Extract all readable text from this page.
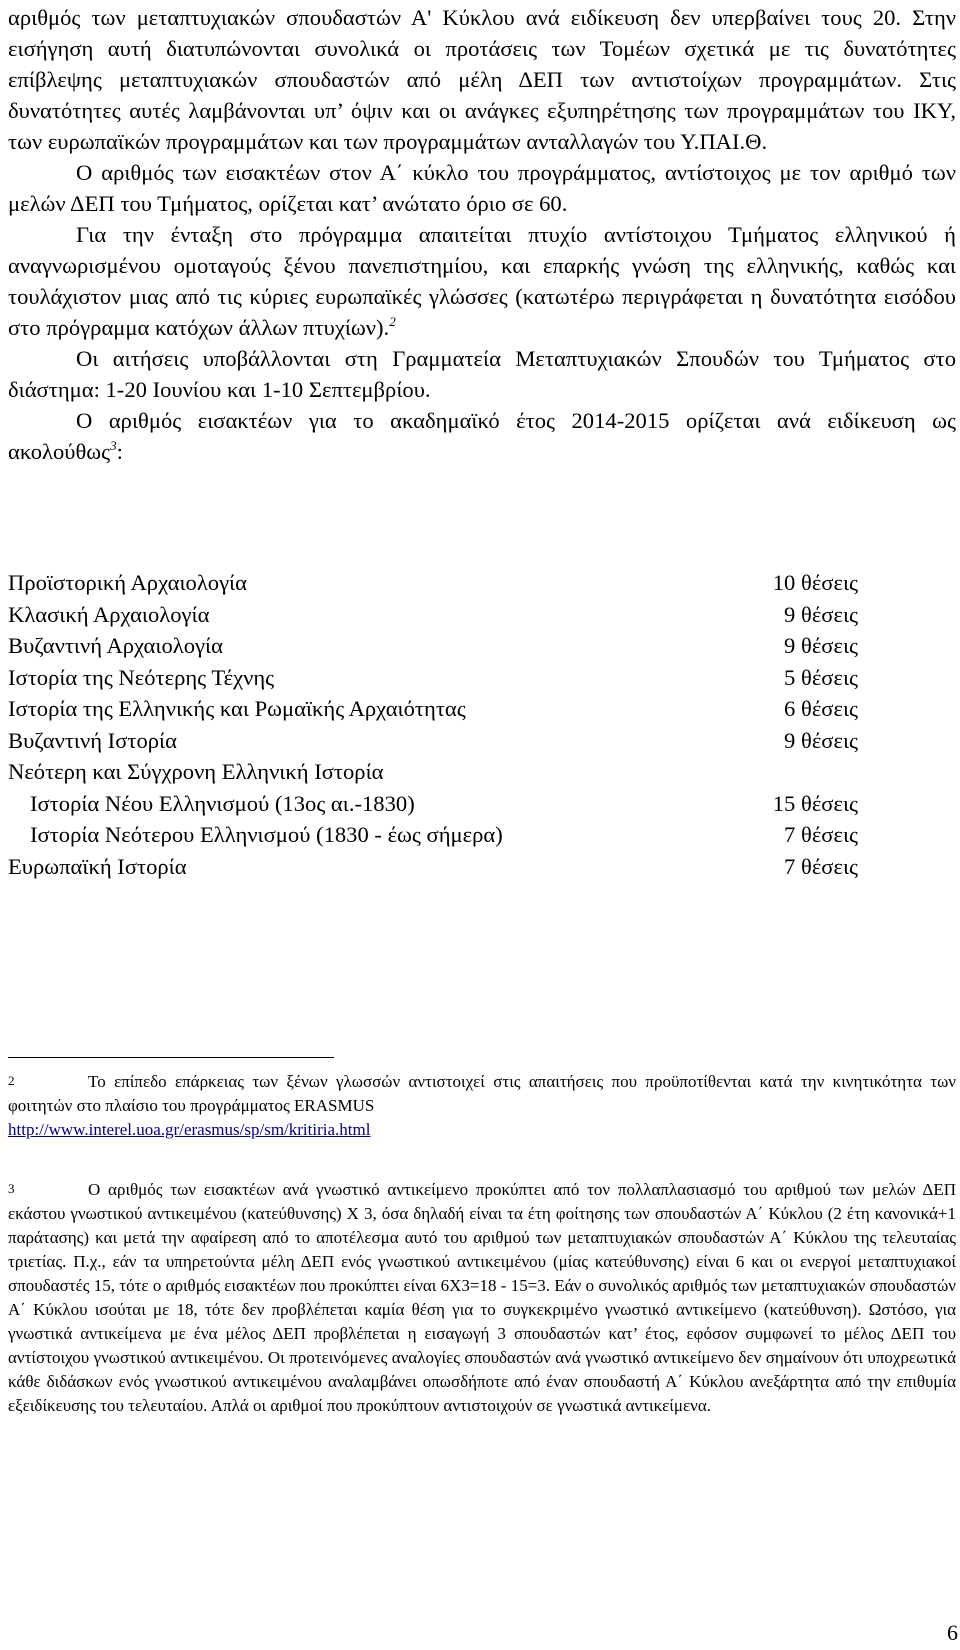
αριθμός των μεταπτυχιακών σπουδαστών Α' Κύκλου ανά ειδίκευση δεν υπερβαίνει τους 20. Στην εισήγηση αυτή διατυπώνονται συνολικά οι προτάσεις των Τομέων σχετικά με τις δυνατότητες επίβλεψης μεταπτυχιακών σπουδαστών από μέλη ΔΕΠ των αντιστοίχων προγραμμάτων. Στις δυνατότητες αυτές λαμβάνονται υπ’ όψιν και οι ανάγκες εξυπηρέτησης των προγραμμάτων του ΙΚΥ, των ευρωπαϊκών προγραμμάτων και των προγραμμάτων ανταλλαγών του Υ.ΠΑΙ.Θ.

Ο αριθμός των εισακτέων στον Α΄ κύκλο του προγράμματος, αντίστοιχος με τον αριθμό των μελών ΔΕΠ του Τμήματος, ορίζεται κατ’ ανώτατο όριο σε 60.

Για την ένταξη στο πρόγραμμα απαιτείται πτυχίο αντίστοιχου Τμήματος ελληνικού ή αναγνωρισμένου ομοταγούς ξένου πανεπιστημίου, και επαρκής γνώση της ελληνικής, καθώς και τουλάχιστον μιας από τις κύριες ευρωπαϊκές γλώσσες (κατωτέρω περιγράφεται η δυνατότητα εισόδου στο πρόγραμμα κατόχων άλλων πτυχίων).$^2$

Οι αιτήσεις υποβάλλονται στη Γραμματεία Μεταπτυχιακών Σπουδών του Τμήματος στο διάστημα: 1-20 Ιουνίου και 1-10 Σεπτεμβρίου.

Ο αριθμός εισακτέων για το ακαδημαϊκό έτος 2014-2015 ορίζεται ανά ειδίκευση ως ακολούθως$^3$:

Προϊστορική Αρχαιολογία	10 θέσεις
Κλασική Αρχαιολογία	9 θέσεις
Βυζαντινή Αρχαιολογία	9 θέσεις
Ιστορία της Νεότερης Τέχνης	5 θέσεις
Ιστορία της Ελληνικής και Ρωμαϊκής Αρχαιότητας	6 θέσεις
Βυζαντινή Ιστορία	9 θέσεις
Νεότερη και Σύγχρονη Ελληνική Ιστορία
Ιστορία Νέου Ελληνισμού (13ος αι.-1830)	15 θέσεις
Ιστορία Νεότερου Ελληνισμού (1830 - έως σήμερα)	7 θέσεις
Ευρωπαϊκή Ιστορία	7 θέσεις

2	Το επίπεδο επάρκειας των ξένων γλωσσών αντιστοιχεί στις απαιτήσεις που προϋποτίθενται κατά την κινητικότητα των φοιτητών στο πλαίσιο του προγράμματος ERASMUS
http://www.interel.uoa.gr/erasmus/sp/sm/kritiria.html

3	Ο αριθμός των εισακτέων ανά γνωστικό αντικείμενο προκύπτει από τον πολλαπλασιασμό του αριθμού των μελών ΔΕΠ εκάστου γνωστικού αντικειμένου (κατεύθυνσης) Χ 3, όσα δηλαδή είναι τα έτη φοίτησης των σπουδαστών Α΄ Κύκλου (2 έτη κανονικά+1 παράτασης) και μετά την αφαίρεση από το αποτέλεσμα αυτό του αριθμού των μεταπτυχιακών σπουδαστών Α΄ Κύκλου της τελευταίας τριετίας. Π.χ., εάν τα υπηρετούντα μέλη ΔΕΠ ενός γνωστικού αντικειμένου (μίας κατεύθυνσης) είναι 6 και οι ενεργοί μεταπτυχιακοί σπουδαστές 15, τότε ο αριθμός εισακτέων που προκύπτει είναι 6Χ3=18 - 15=3. Εάν ο συνολικός αριθμός των μεταπτυχιακών σπουδαστών Α΄ Κύκλου ισούται με 18, τότε δεν προβλέπεται καμία θέση για το συγκεκριμένο γνωστικό αντικείμενο (κατεύθυνση). Ωστόσο, για γνωστικά αντικείμενα με ένα μέλος ΔΕΠ προβλέπεται η εισαγωγή 3 σπουδαστών κατ’ έτος, εφόσον συμφωνεί το μέλος ΔΕΠ του αντίστοιχου γνωστικού αντικειμένου. Οι προτεινόμενες αναλογίες σπουδαστών ανά γνωστικό αντικείμενο δεν σημαίνουν ότι υποχρεωτικά κάθε διδάσκων ενός γνωστικού αντικειμένου αναλαμβάνει οπωσδήποτε από έναν σπουδαστή Α΄ Κύκλου ανεξάρτητα από την επιθυμία εξειδίκευσης του τελευταίου. Απλά οι αριθμοί που προκύπτουν αντιστοιχούν σε γνωστικά αντικείμενα.

6
